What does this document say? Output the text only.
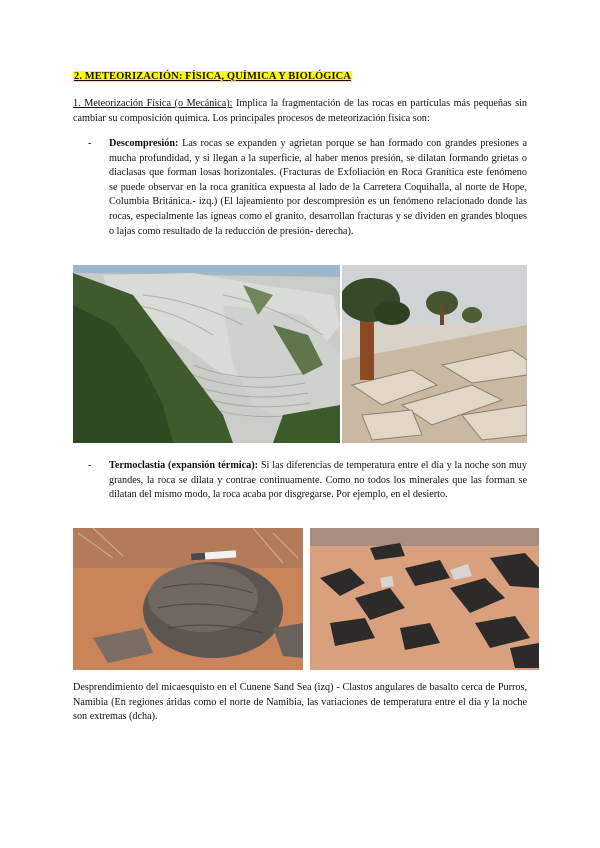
2. METEORIZACIÓN: FÍSICA, QUÍMICA Y BIOLÓGICA

1. Meteorización Física (o Mecánica): Implica la fragmentación de las rocas en partículas más pequeñas sin cambiar su composición química. Los principales procesos de meteorización física son:

- Descompresión: Las rocas se expanden y agrietan porque se han formado con grandes presiones a mucha profundidad, y si llegan a la superficie, al haber menos presión, se dilatan formando grietas o diaclasas que forman losas horizontales. (Fracturas de Exfoliación en Roca Granítica este fenómeno se puede observar en la roca granítica expuesta al lado de la Carretera Coquihalla, al norte de Hope, Columbia Británica.- izq.) (El lajeamiento por descompresión es un fenómeno relacionado donde las rocas, especialmente las ígneas como el granito, desarrollan fracturas y se dividen en grandes bloques o lajas como resultado de la reducción de presión- derecha).

- Termoclastia (expansión térmica): Si las diferencias de temperatura entre el día y la noche son muy grandes, la roca se dilata y contrae continuamente. Como no todos los minerales que las forman se dilatan del mismo modo, la roca acaba por disgregarse. Por ejemplo, en el desierto.

Desprendimiento del micaesquisto en el Cunene Sand Sea (izq) - Clastos angulares de basalto cerca de Purros, Namibia (En regiones áridas como el norte de Namibia, las variaciones de temperatura entre el día y la noche son extremas (dcha).
